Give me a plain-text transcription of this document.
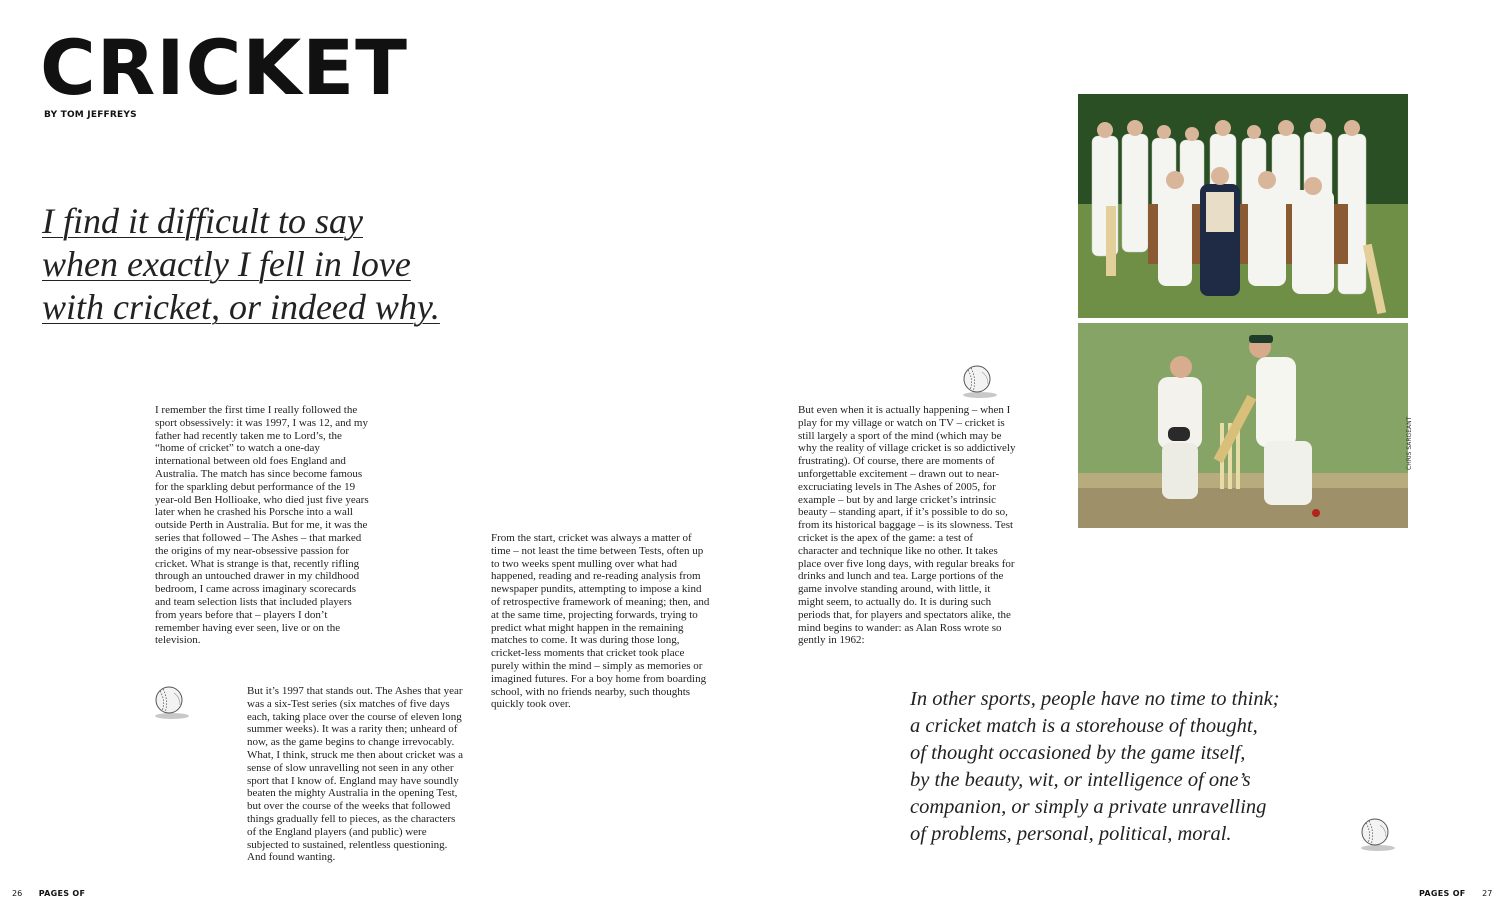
CRICKET
BY TOM JEFFREYS
I find it difficult to say
when exactly I fell in love
with cricket, or indeed why.

I remember the first time I really followed the sport obsessively: it was 1997, I was 12, and my father had recently taken me to Lord’s, the “home of cricket” to watch a one-day international between old foes England and Australia. The match has since become famous for the sparkling debut performance of the 19 year-old Ben Hollioake, who died just five years later when he crashed his Porsche into a wall outside Perth in Australia. But for me, it was the series that followed – The Ashes – that marked the origins of my near-obsessive passion for cricket. What is strange is that, recently rifling through an untouched drawer in my childhood bedroom, I came across imaginary scorecards and team selection lists that included players from years before that – players I don’t remember having ever seen, live or on the television.

But it’s 1997 that stands out. The Ashes that year was a six-Test series (six matches of five days each, taking place over the course of eleven long summer weeks). It was a rarity then; unheard of now, as the game begins to change irrevocably. What, I think, struck me then about cricket was a sense of slow unravelling not seen in any other sport that I know of. England may have soundly beaten the mighty Australia in the opening Test, but over the course of the weeks that followed things gradually fell to pieces, as the characters of the England players (and public) were subjected to sustained, relentless questioning. And found wanting.

From the start, cricket was always a matter of time – not least the time between Tests, often up to two weeks spent mulling over what had happened, reading and re-reading analysis from newspaper pundits, attempting to impose a kind of retrospective framework of meaning; then, and at the same time, projecting forwards, trying to predict what might happen in the remaining matches to come. It was during those long, cricket-less moments that cricket took place purely within the mind – simply as memories or imagined futures. For a boy home from boarding school, with no friends nearby, such thoughts quickly took over.

But even when it is actually happening – when I play for my village or watch on TV – cricket is still largely a sport of the mind (which may be why the reality of village cricket is so addictively frustrating). Of course, there are moments of unforgettable excitement – drawn out to near-excruciating levels in The Ashes of 2005, for example – but by and large cricket’s intrinsic beauty – standing apart, if it’s possible to do so, from its historical baggage – is its slowness. Test cricket is the apex of the game: a test of character and technique like no other. It takes place over five long days, with regular breaks for drinks and lunch and tea. Large portions of the game involve standing around, with little, it might seem, to actually do. It is during such periods that, for players and spectators alike, the mind begins to wander: as Alan Ross wrote so gently in 1962:

CHRIS SARGEANT
In other sports, people have no time to think;
a cricket match is a storehouse of thought,
of thought occasioned by the game itself,
by the beauty, wit, or intelligence of one’s
companion, or simply a private unravelling
of problems, personal, political, moral.
26 PAGES OF	PAGES OF 27
